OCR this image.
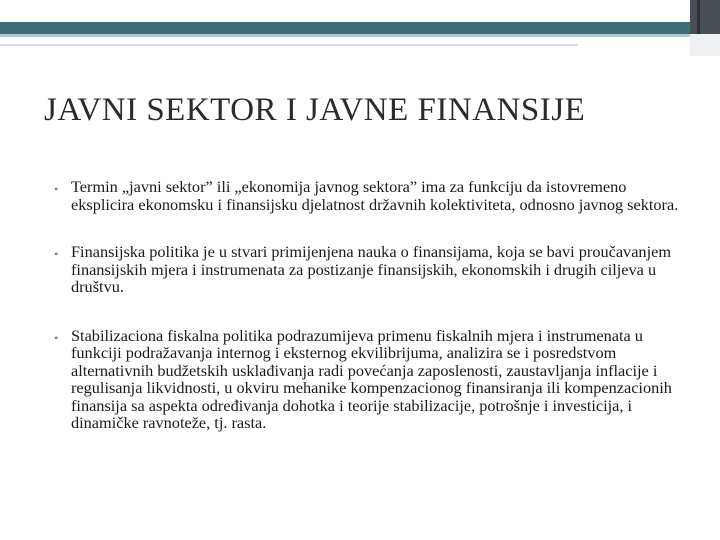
JAVNI SEKTOR I JAVNE FINANSIJE
• Termin „javni sektor” ili „ekonomija javnog sektora” ima za funkciju da istovremeno eksplicira ekonomsku i finansijsku djelatnost državnih kolektiviteta, odnosno javnog sektora.
• Finansijska politika je u stvari primijenjena nauka o finansijama, koja se bavi proučavanjem finansijskih mjera i instrumenata za postizanje finansijskih, ekonomskih i drugih ciljeva u društvu.
• Stabilizaciona fiskalna politika podrazumijeva primenu fiskalnih mjera i instrumenata u funkciji podražavanja internog i eksternog ekvilibrijuma, analizira se i posredstvom alternativnih budžetskih usklađivanja radi povećanja zaposlenosti, zaustavljanja inflacije i regulisanja likvidnosti, u okviru mehanike kompenzacionog finansiranja ili kompenzacionih finansija sa aspekta određivanja dohotka i teorije stabilizacije, potrošnje i investicija, i dinamičke ravnoteže, tj. rasta.
